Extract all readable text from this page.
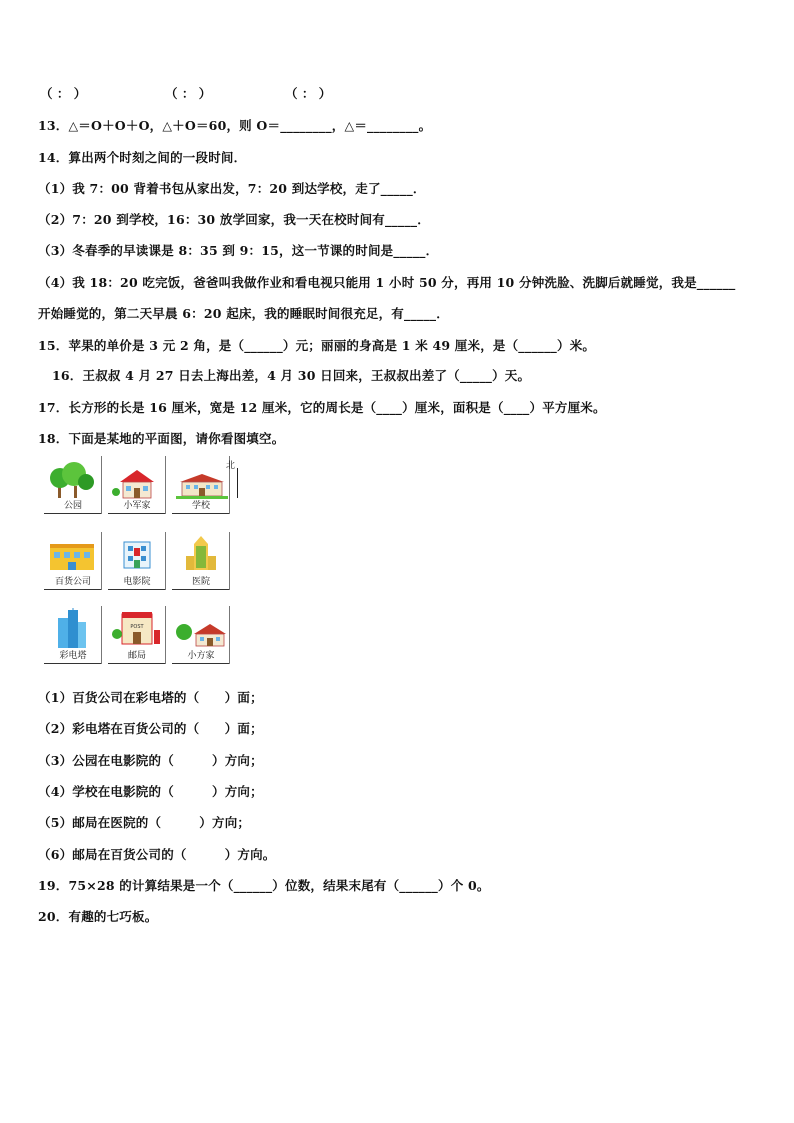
（ ： ）	（ ： ）	（ ： ）
13．△＝O＋O＋O，△＋O＝60，则 O＝________，△＝________。
14．算出两个时刻之间的一段时间．
（1）我 7：00 背着书包从家出发，7：20 到达学校，走了_____．
（2）7：20 到学校，16：30 放学回家，我一天在校时间有_____．
（3）冬春季的早读课是 8：35 到 9：15，这一节课的时间是_____．
（4）我 18：20 吃完饭，爸爸叫我做作业和看电视只能用 1 小时 50 分，再用 10 分钟洗脸、洗脚后就睡觉，我是______
开始睡觉的，第二天早晨 6：20 起床，我的睡眠时间很充足，有_____．
15．苹果的单价是 3 元 2 角，是（______）元；丽丽的身高是 1 米 49 厘米，是（______）米。
16．王叔叔 4 月 27 日去上海出差，4 月 30 日回来，王叔叔出差了（_____）天。
17．长方形的长是 16 厘米，宽是 12 厘米，它的周长是（____）厘米，面积是（____）平方厘米。
18．下面是某地的平面图，请你看图填空。
公园	小军家	学校
百货公司	电影院	医院
彩电塔
POST
邮局	小方家
北
（1）百货公司在彩电塔的（　　）面；
（2）彩电塔在百货公司的（　　）面；
（3）公园在电影院的（　　　）方向；
（4）学校在电影院的（　　　）方向；
（5）邮局在医院的（　　　）方向；
（6）邮局在百货公司的（　　　）方向。
19．75×28 的计算结果是一个（______）位数，结果末尾有（______）个 0。
20．有趣的七巧板。
